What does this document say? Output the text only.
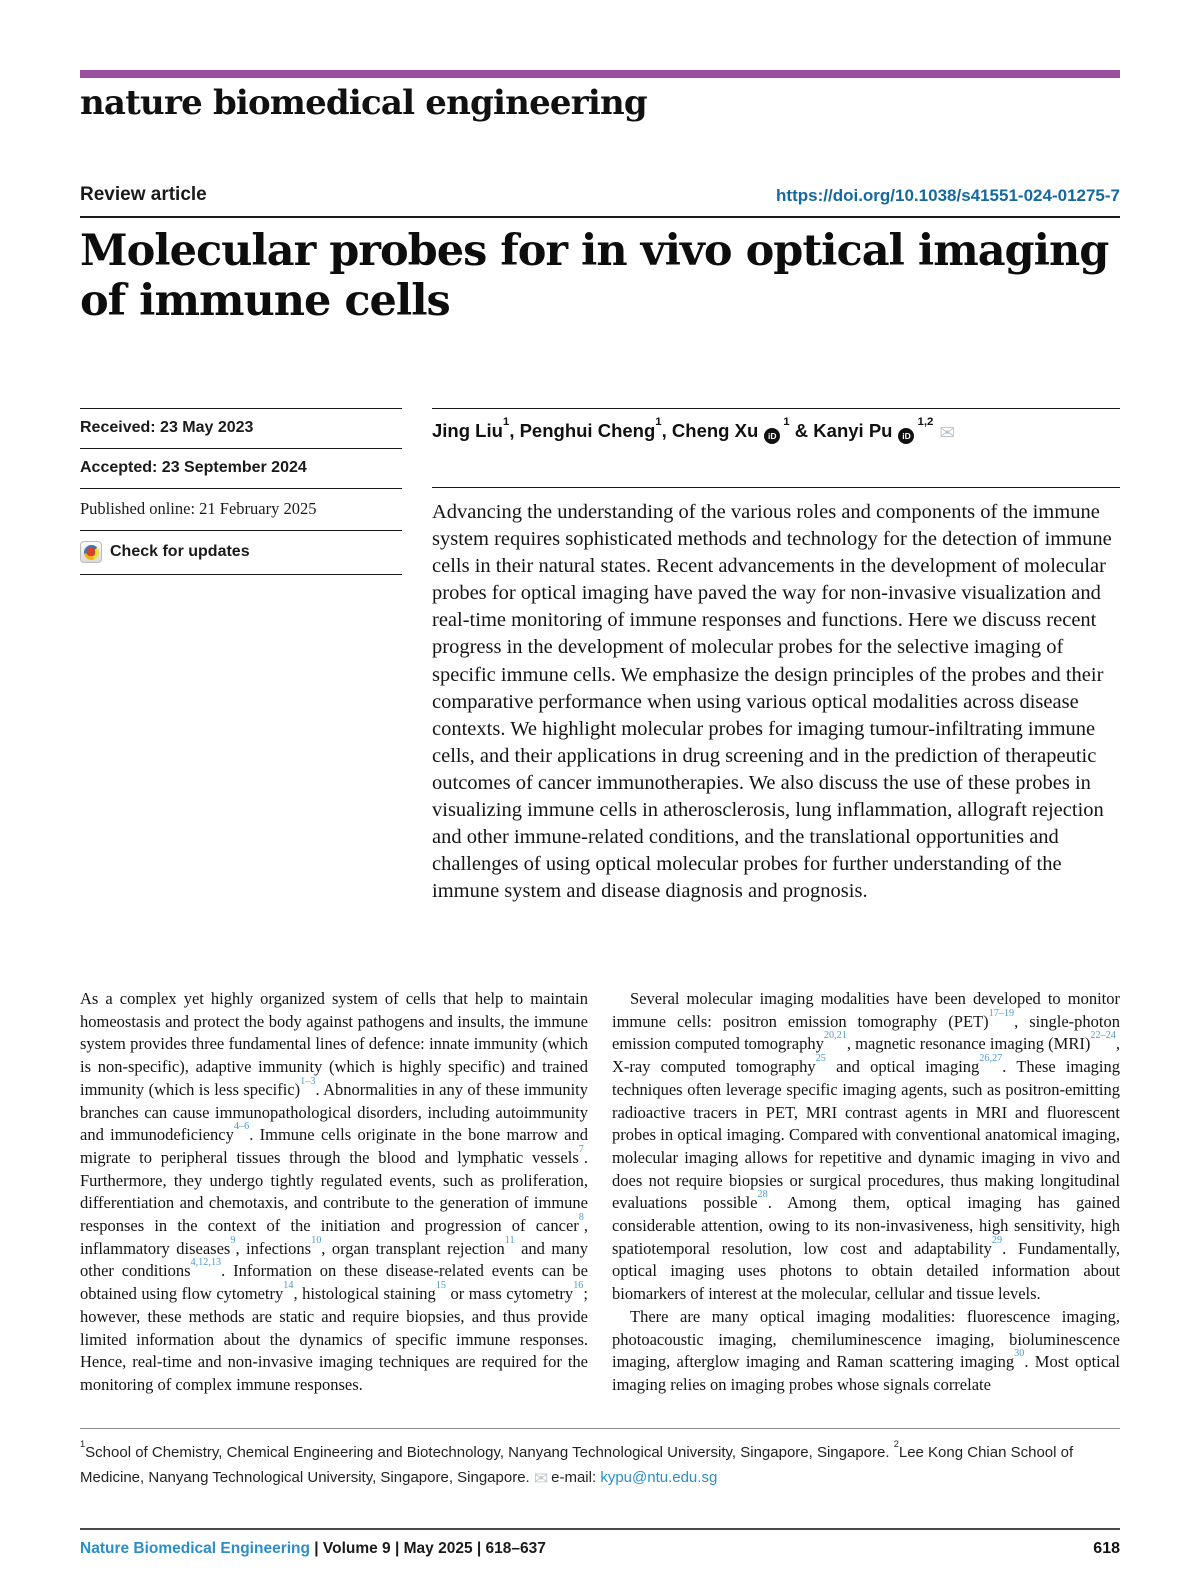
nature biomedical engineering
Review article	https://doi.org/10.1038/s41551-024-01275-7
Molecular probes for in vivo optical imaging
of immune cells
Received: 23 May 2023
Accepted: 23 September 2024
Published online: 21 February 2025
Check for updates
Jing Liu$^1$, Penghui Cheng$^1$, Cheng Xu iD$^1$ & Kanyi Pu iD$^{1,2}$✉

Advancing the understanding of the various roles and components of the immune system requires sophisticated methods and technology for the detection of immune cells in their natural states. Recent advancements in the development of molecular probes for optical imaging have paved the way for non-invasive visualization and real-time monitoring of immune responses and functions. Here we discuss recent progress in the development of molecular probes for the selective imaging of specific immune cells. We emphasize the design principles of the probes and their comparative performance when using various optical modalities across disease contexts. We highlight molecular probes for imaging tumour-infiltrating immune cells, and their applications in drug screening and in the prediction of therapeutic outcomes of cancer immunotherapies. We also discuss the use of these probes in visualizing immune cells in atherosclerosis, lung inflammation, allograft rejection and other immune-related conditions, and the translational opportunities and challenges of using optical molecular probes for further understanding of the immune system and disease diagnosis and prognosis.

As a complex yet highly organized system of cells that help to maintain homeostasis and protect the body against pathogens and insults, the immune system provides three fundamental lines of defence: innate immunity (which is non-specific), adaptive immunity (which is highly specific) and trained immunity (which is less specific)$^{1-3}$. Abnormalities in any of these immunity branches can cause immunopathological disorders, including autoimmunity and immunodeficiency$^{4-6}$. Immune cells originate in the bone marrow and migrate to peripheral tissues through the blood and lymphatic vessels$^7$. Furthermore, they undergo tightly regulated events, such as proliferation, differentiation and chemotaxis, and contribute to the generation of immune responses in the context of the initiation and progression of cancer$^8$, inflammatory diseases$^9$, infections$^{10}$, organ transplant rejection$^{11}$ and many other conditions$^{4,12,13}$. Information on these disease-related events can be obtained using flow cytometry$^{14}$, histological staining$^{15}$ or mass cytometry$^{16}$; however, these methods are static and require biopsies, and thus provide limited information about the dynamics of specific immune responses. Hence, real-time and non-invasive imaging techniques are required for the monitoring of complex immune responses.

Several molecular imaging modalities have been developed to monitor immune cells: positron emission tomography (PET)$^{17-19}$, single-photon emission computed tomography$^{20,21}$, magnetic resonance imaging (MRI)$^{22-24}$, X-ray computed tomography$^{25}$ and optical imaging$^{26,27}$. These imaging techniques often leverage specific imaging agents, such as positron-emitting radioactive tracers in PET, MRI contrast agents in MRI and fluorescent probes in optical imaging. Compared with conventional anatomical imaging, molecular imaging allows for repetitive and dynamic imaging in vivo and does not require biopsies or surgical procedures, thus making longitudinal evaluations possible$^{28}$. Among them, optical imaging has gained considerable attention, owing to its non-invasiveness, high sensitivity, high spatiotemporal resolution, low cost and adaptability$^{29}$. Fundamentally, optical imaging uses photons to obtain detailed information about biomarkers of interest at the molecular, cellular and tissue levels.

There are many optical imaging modalities: fluorescence imaging, photoacoustic imaging, chemiluminescence imaging, bioluminescence imaging, afterglow imaging and Raman scattering imaging$^{30}$. Most optical imaging relies on imaging probes whose signals correlate

$^1$School of Chemistry, Chemical Engineering and Biotechnology, Nanyang Technological University, Singapore, Singapore. $^2$Lee Kong Chian School of Medicine, Nanyang Technological University, Singapore, Singapore. ✉ e-mail: kypu@ntu.edu.sg
Nature Biomedical Engineering | Volume 9 | May 2025 | 618–637	618
